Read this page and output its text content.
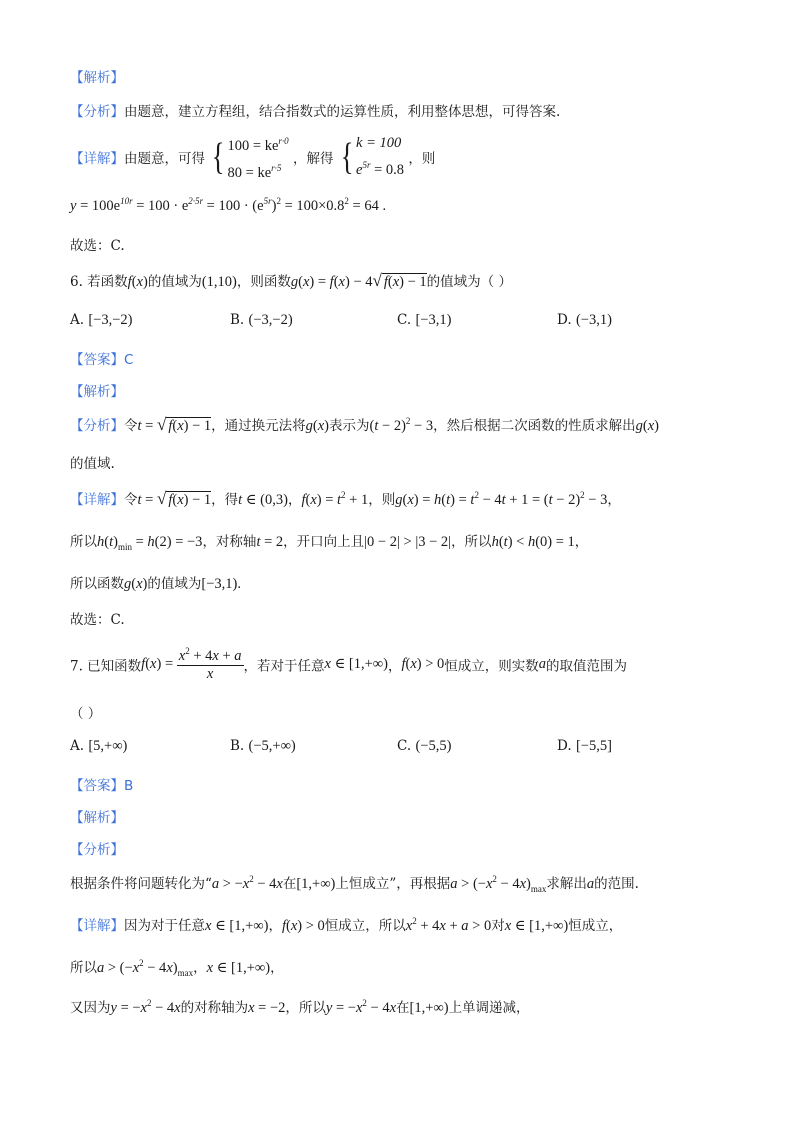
【解析】
【分析】由题意，建立方程组，结合指数式的运算性质，利用整体思想，可得答案.
【详解】由题意，可得 { $100 = ke^{r\cdot 0}$
$80 = ke^{r\cdot 5}$
，解得 { k = 100
$e^{5r} = 0.8$
，则
$y = 100e^{10r} = 100 \cdot e^{2\cdot 5r} = 100 \cdot (e^{5r})^2 = 100\times 0.8^2 = 64$ .
故选：C.
6. 若函数f(x)的值域为(1,10)，则函数g(x) = f(x) − 4√ f(x) − 1的值域为（ ）
A. [−3,−2)	B. (−3,−2)	C. [−3,1)	D. (−3,1)
【答案】C
【解析】
【分析】令t = √ f(x) − 1，通过换元法将g(x)表示为$(t - 2)^2 - 3$，然后根据二次函数的性质求解出g(x)
的值域.
【详解】令t = √ f(x) − 1，得t ∈ (0,3)，$f(x) = t^2 + 1$，则$g(x) = h(t) = t^2 - 4t + 1 = (t - 2)^2 - 3$，
所以$h(t)_{min} = h(2) = -3$，对称轴t = 2，开口向上且|0 − 2| > |3 − 2|，所以h(t) < h(0) = 1，
所以函数g(x)的值域为[−3,1).
故选：C.
7. 已知函数$f(x) = \frac{x^2 + 4x + a}{x}$ ，若对于任意x ∈ [1,+∞)，f(x) > 0恒成立，则实数a的取值范围为
（ ）
A. [5,+∞)	B. (−5,+∞)	C. (−5,5)	D. [−5,5]
【答案】B
【解析】
【分析】
根据条件将问题转化为“$a > -x^2 - 4x$在[1,+∞)上恒成立”，再根据$a > (-x^2 - 4x)_{max}$求解出a的范围.
【详解】因为对于任意x ∈ [1,+∞)，f(x) > 0恒成立，所以$x^2 + 4x + a > 0$对x ∈ [1,+∞)恒成立，
所以$a > (-x^2 - 4x)_{max}$，x ∈ [1,+∞)，
又因为$y = -x^2 - 4x$的对称轴为x = −2，所以$y = -x^2 - 4x$在[1,+∞)上单调递减，
